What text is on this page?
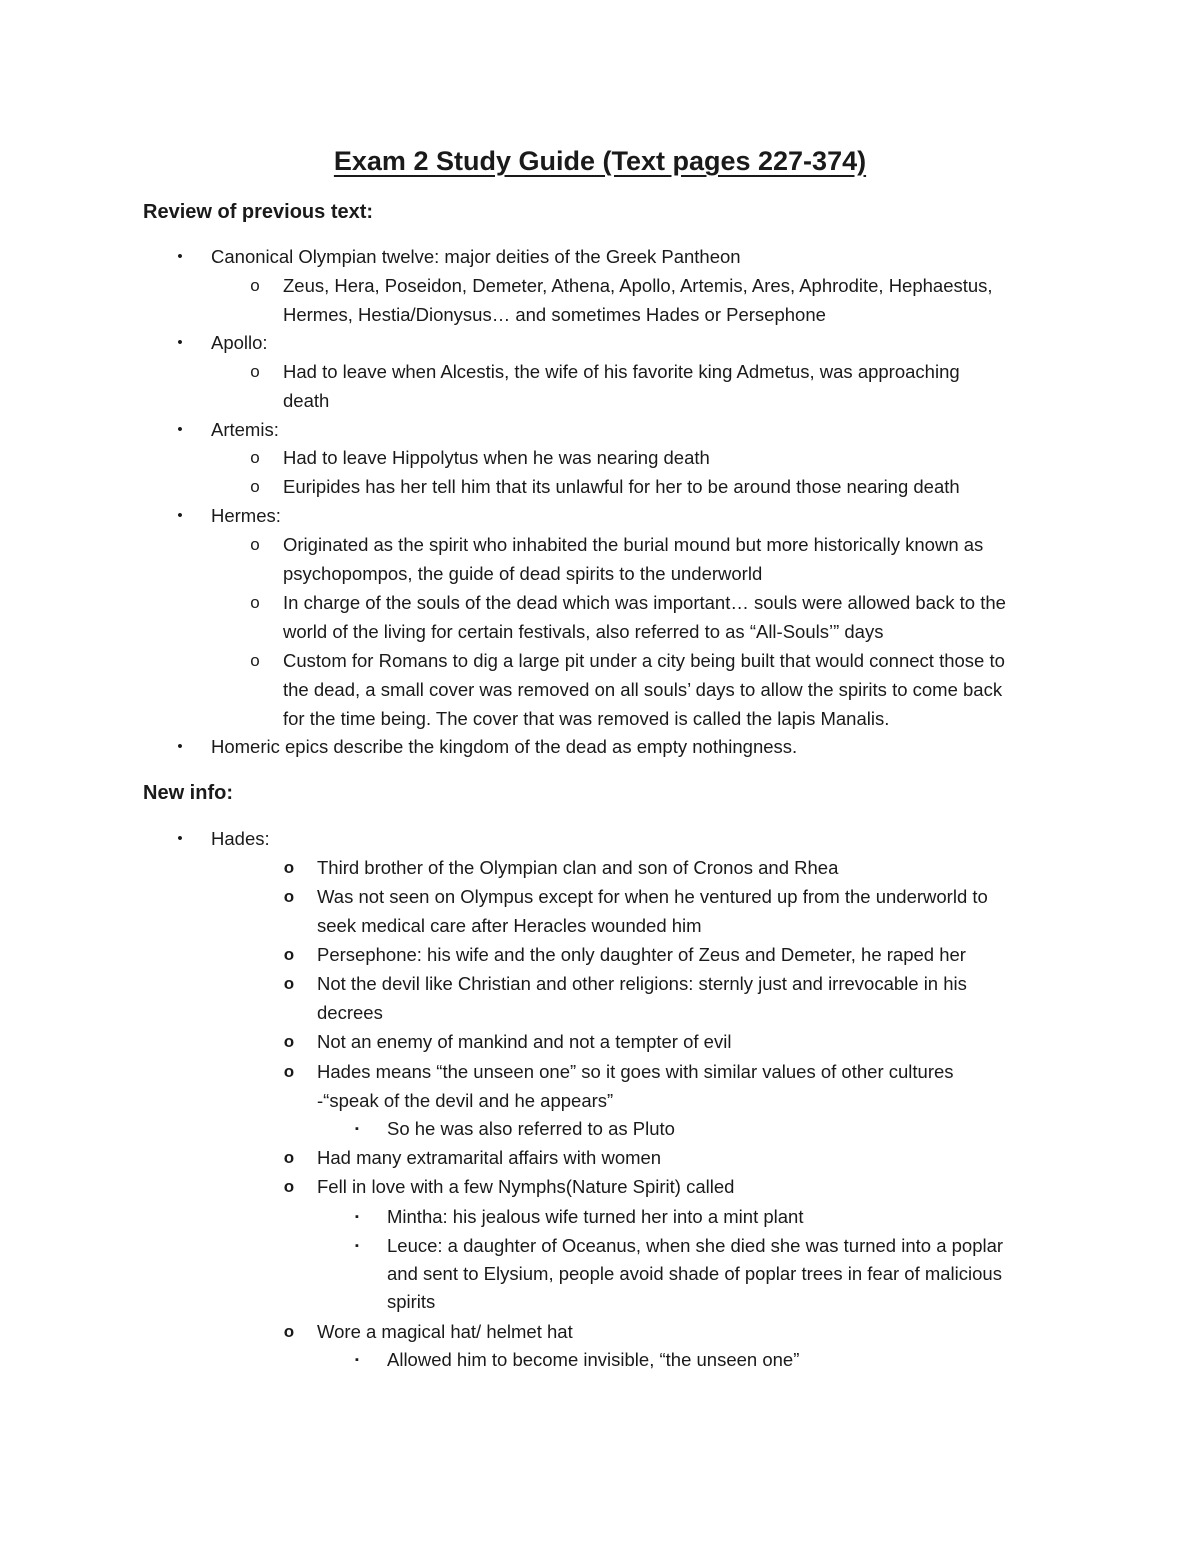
Exam 2 Study Guide (Text pages 227-374)
Review of previous text:
• Canonical Olympian twelve: major deities of the Greek Pantheon
o Zeus, Hera, Poseidon, Demeter, Athena, Apollo, Artemis, Ares, Aphrodite, Hephaestus,
Hermes, Hestia/Dionysus… and sometimes Hades or Persephone
• Apollo:
o Had to leave when Alcestis, the wife of his favorite king Admetus, was approaching
death
• Artemis:
o Had to leave Hippolytus when he was nearing death
o Euripides has her tell him that its unlawful for her to be around those nearing death
• Hermes:
o Originated as the spirit who inhabited the burial mound but more historically known as
psychopompos, the guide of dead spirits to the underworld
o In charge of the souls of the dead which was important… souls were allowed back to the
world of the living for certain festivals, also referred to as “All-Souls’” days
o Custom for Romans to dig a large pit under a city being built that would connect those to
the dead, a small cover was removed on all souls’ days to allow the spirits to come back
for the time being. The cover that was removed is called the lapis Manalis.
• Homeric epics describe the kingdom of the dead as empty nothingness.
New info:
• Hades:
o Third brother of the Olympian clan and son of Cronos and Rhea
o Was not seen on Olympus except for when he ventured up from the underworld to
seek medical care after Heracles wounded him
o Persephone: his wife and the only daughter of Zeus and Demeter, he raped her
o Not the devil like Christian and other religions: sternly just and irrevocable in his
decrees
o Not an enemy of mankind and not a tempter of evil
o Hades means “the unseen one” so it goes with similar values of other cultures
-“speak of the devil and he appears”
▪ So he was also referred to as Pluto
o Had many extramarital affairs with women
o Fell in love with a few Nymphs(Nature Spirit) called
▪ Mintha: his jealous wife turned her into a mint plant
▪ Leuce: a daughter of Oceanus, when she died she was turned into a poplar
and sent to Elysium, people avoid shade of poplar trees in fear of malicious
spirits
o Wore a magical hat/ helmet hat
▪ Allowed him to become invisible, “the unseen one”
